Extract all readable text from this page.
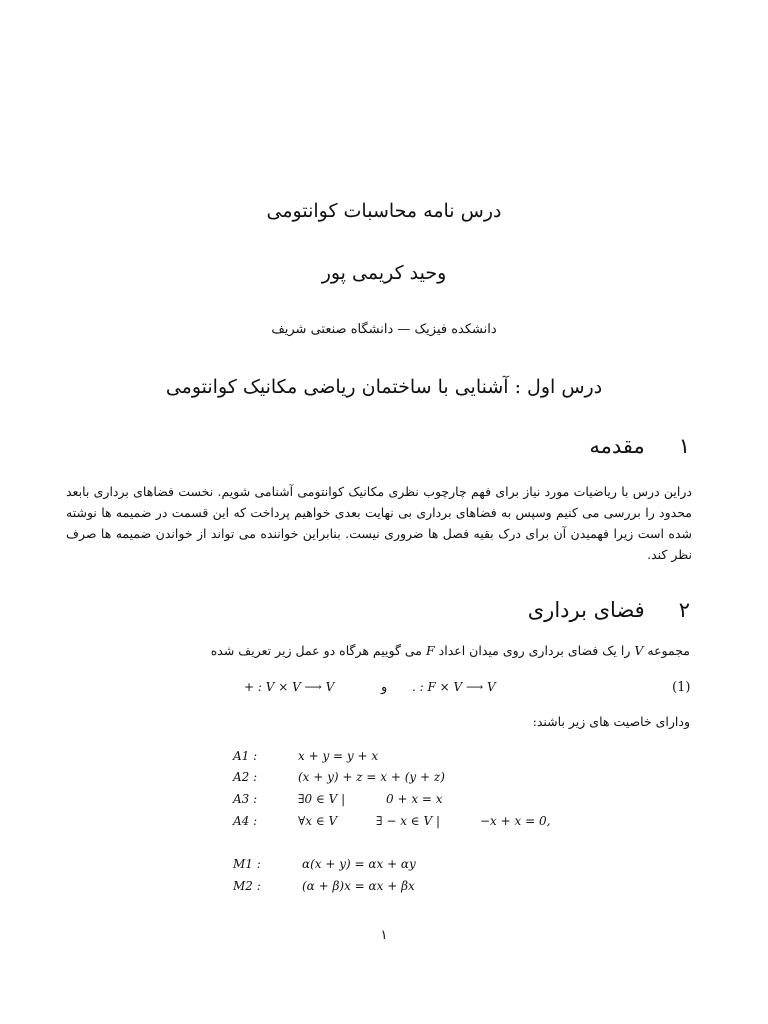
درس نامه محاسبات کوانتومی
وحید کریمی پور
دانشکده فیزیک — دانشگاه صنعتی شریف
درس اول : آشنایی با ساختمان ریاضی مکانیک کوانتومی
۱مقدمه
دراین درس با ریاضیات مورد نیاز برای فهم چارچوب نظری مکانیک کوانتومی آشنامی شویم. نخست فضاهای برداری بابعد محدود را بررسی می کنیم وسپس به فضاهای برداری بی نهایت بعدی خواهیم پرداخت که این قسمت در ضمیمه ها نوشته شده است زیرا فهمیدن آن برای درک بقیه فصل ها ضروری نیست. بنابراین خواننده می تواند از خواندن ضمیمه ها صرف نظر کند.
۲فضای برداری
مجموعه V را یک فضای برداری روی میدان اعداد F می گوییم هرگاه دو عمل زیر تعریف شده
+ : V × V ⟶ V	و . : F × V ⟶ V	(1)
ودارای خاصیت های زیر باشند:
A1 :	x + y = y + x
A2 :	(x + y) + z = x + (y + z)
A3 :	∃0 ∈ V |	0 + x = x
A4 :	∀x ∈ V	∃ − x ∈ V |	−x + x = 0,
M1 :	α(x + y) = αx + αy
M2 :	(α + β)x = αx + βx
۱
